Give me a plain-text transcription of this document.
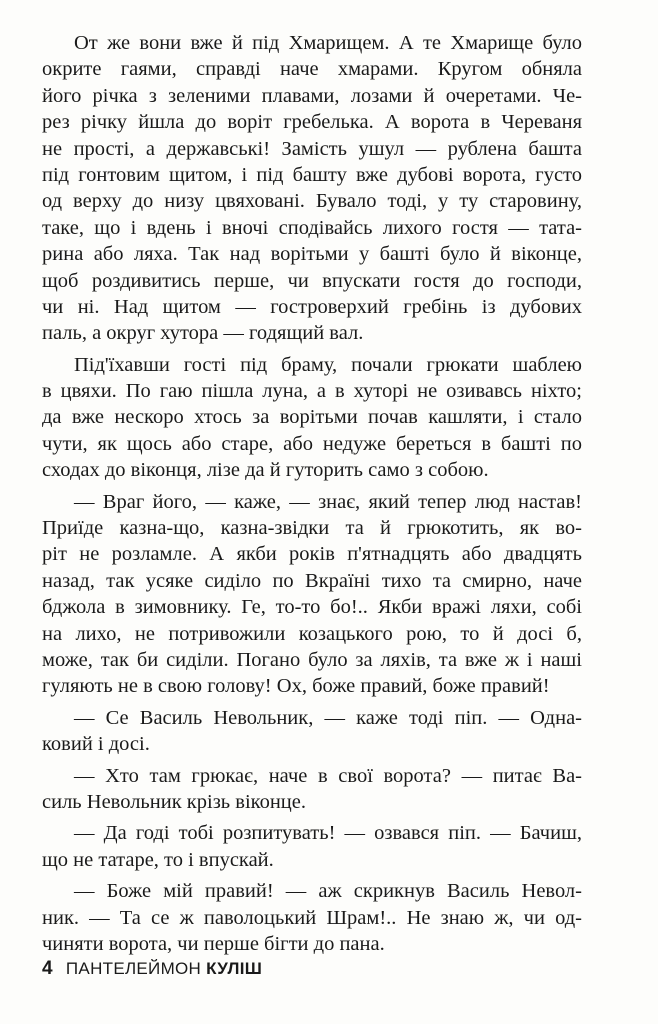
От же вони вже й під Хмарищем. А те Хмарище було
окрите гаями, справді наче хмарами. Кругом обняла
його річка з зеленими плавами, лозами й очеретами. Че-
рез річку йшла до воріт гребелька. А ворота в Череваня
не прості, а державські! Замість ушул — рублена башта
під гонтовим щитом, і під башту вже дубові ворота, густо
од верху до низу цвяховані. Бувало тоді, у ту старовину,
таке, що і вдень і вночі сподівайсь лихого гостя — тата-
рина або ляха. Так над ворітьми у башті було й віконце,
щоб роздивитись перше, чи впускати гостя до господи,
чи ні. Над щитом — гостроверхий гребінь із дубових
паль, а округ хутора — годящий вал.
Під'їхавши гості під браму, почали грюкати шаблею
в цвяхи. По гаю пішла луна, а в хуторі не озивавсь ніхто;
да вже нескоро хтось за ворітьми почав кашляти, і стало
чути, як щось або старе, або недуже береться в башті по
сходах до віконця, лізе да й гуторить само з собою.
— Враг його, — каже, — знає, який тепер люд настав!
Приїде казна-що, казна-звідки та й грюкотить, як во-
ріт не розламле. А якби років п'ятнадцять або двадцять
назад, так усяке сиділо по Вкраїні тихо та смирно, наче
бджола в зимовнику. Ге, то-то бо!.. Якби вражі ляхи, собі
на лихо, не потривожили козацького рою, то й досі б,
може, так би сиділи. Погано було за ляхів, та вже ж і наші
гуляють не в свою голову! Ох, боже правий, боже правий!
— Се Василь Невольник, — каже тоді піп. — Одна-
ковий і досі.
— Хто там грюкає, наче в свої ворота? — питає Ва-
силь Невольник крізь віконце.
— Да годі тобі розпитувать! — озвався піп. — Бачиш,
що не татаре, то і впускай.
— Боже мій правий! — аж скрикнув Василь Невол-
ник. — Та се ж паволоцький Шрам!.. Не знаю ж, чи од-
чиняти ворота, чи перше бігти до пана.
4 ПАНТЕЛЕЙМОН КУЛІШ
